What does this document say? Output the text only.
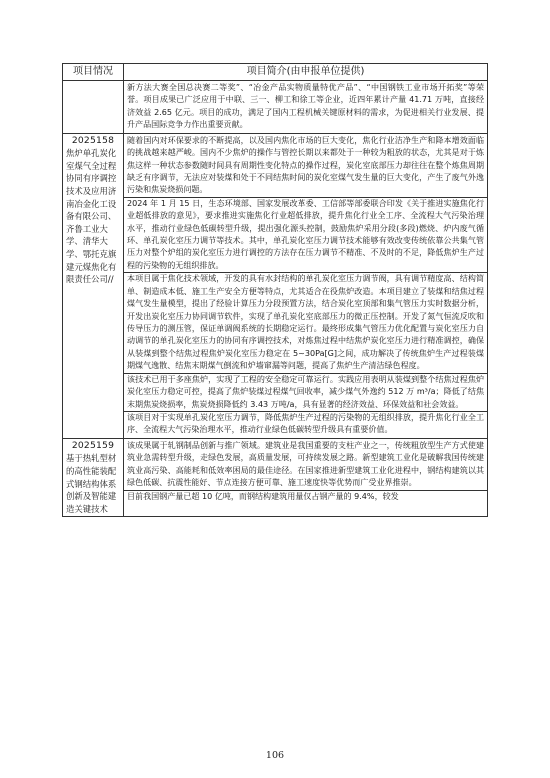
项目情况	项目简介(由申报单位提供)

	新方法大赛全国总决赛二等奖”、“冶金产品实物质量特优产品”、“中国钢铁工业市场开拓奖”等荣誉。项目成果已广泛应用于中联、三一、柳工和徐工等企业，近四年累计产量 41.71 万吨，直接经济效益 2.65 亿元。项目的成功，满足了国内工程机械关键原材料的需求，为促进相关行业发展、提升产品国际竞争力作出重要贡献。

2025158
焦炉单孔炭化室煤气全过程协同有序调控技术及应用济南冶金化工设备有限公司、齐鲁工业大学、清华大学、鄂托克旗建元煤焦化有限责任公司//	随着国内对环保要求的不断提高，以及国内焦化市场的巨大变化，焦化行业洁净生产和降本增效面临的挑战越来越严峻。国内不少焦炉的操作与管控长期以来都处于一种较为粗放的状态，尤其是对于炼焦这样一种状态参数随时间具有周期性变化特点的操作过程，炭化室底部压力却往往在整个炼焦周期缺乏有序调节，无法应对装煤和处于不同结焦时间的炭化室煤气发生量的巨大变化，产生了废气外逸污染和焦炭烧损问题。
2024 年 1 月 15 日，生态环境部、国家发展改革委、工信部等部委联合印发《关于推进实施焦化行业超低排放的意见》，要求推进实施焦化行业超低排放，提升焦化行业全工序、全流程大气污染治理水平，推动行业绿色低碳转型升级，提出强化源头控制，鼓励焦炉采用分段(多段)燃烧、炉内废气循环、单孔炭化室压力调节等技术。其中，单孔炭化室压力调节技术能够有效改变传统依靠公共集气管压力对整个炉组的炭化室压力进行调控的方法存在压力调节不精准、不及时的不足，降低焦炉生产过程的污染物的无组织排放。
本项目属于焦化技术领域，开发的具有水封结构的单孔炭化室压力调节阀，具有调节精度高、结构简单、制造成本低、施工生产安全方便等特点，尤其适合在役焦炉改造。本项目建立了装煤和结焦过程煤气发生量模型，提出了经验计算压力分段预置方法，结合炭化室顶部和集气管压力实时数据分析，开发出炭化室压力协同调节软件，实现了单孔炭化室底部压力的微正压控制。开发了氮气恒流反吹和传导压力的测压管，保证单调阀系统的长期稳定运行。最终形成集气管压力优化配置与炭化室压力自动调节的单孔炭化室压力的协同有序调控技术，对炼焦过程中结焦炉炭化室压力进行精准调控，确保从装煤到整个结焦过程焦炉炭化室压力稳定在 5~30Pa[G]之间，成功解决了传统焦炉生产过程装煤期煤气逸散、结焦末期煤气倒流和炉墙窜漏等问题，提高了焦炉生产清洁绿色程度。
该技术已用于多座焦炉，实现了工程的安全稳定可靠运行。实践应用表明从装煤到整个结焦过程焦炉炭化室压力稳定可控，提高了焦炉装煤过程煤气回收率，减少煤气外逸约 512 万 m³/a；降低了结焦末期焦炭烧损率，焦炭烧损降低约 3.43 万吨/a，具有显著的经济效益、环保效益和社会效益。
该项目对于实现单孔炭化室压力调节，降低焦炉生产过程的污染物的无组织排放，提升焦化行业全工序、全流程大气污染治理水平，推动行业绿色低碳转型升级具有重要价值。

2025159
基于热轧型材的高性能装配式钢结构体系创新及智能建造关键技术	该成果属于轧钢制品创新与推广领域。建筑业是我国重要的支柱产业之一，传统粗放型生产方式使建筑业急需转型升级，走绿色发展，高质量发展，可持续发展之路。新型建筑工业化是破解我国传统建筑业高污染、高能耗和低效率困局的最佳途径。在国家推进新型建筑工业化进程中，钢结构建筑以其绿色低碳、抗震性能好、节点连接方便可靠、施工速度快等优势而广受业界推崇。
目前我国钢产量已超 10 亿吨，而钢结构建筑用量仅占钢产量的 9.4%，较发
106
